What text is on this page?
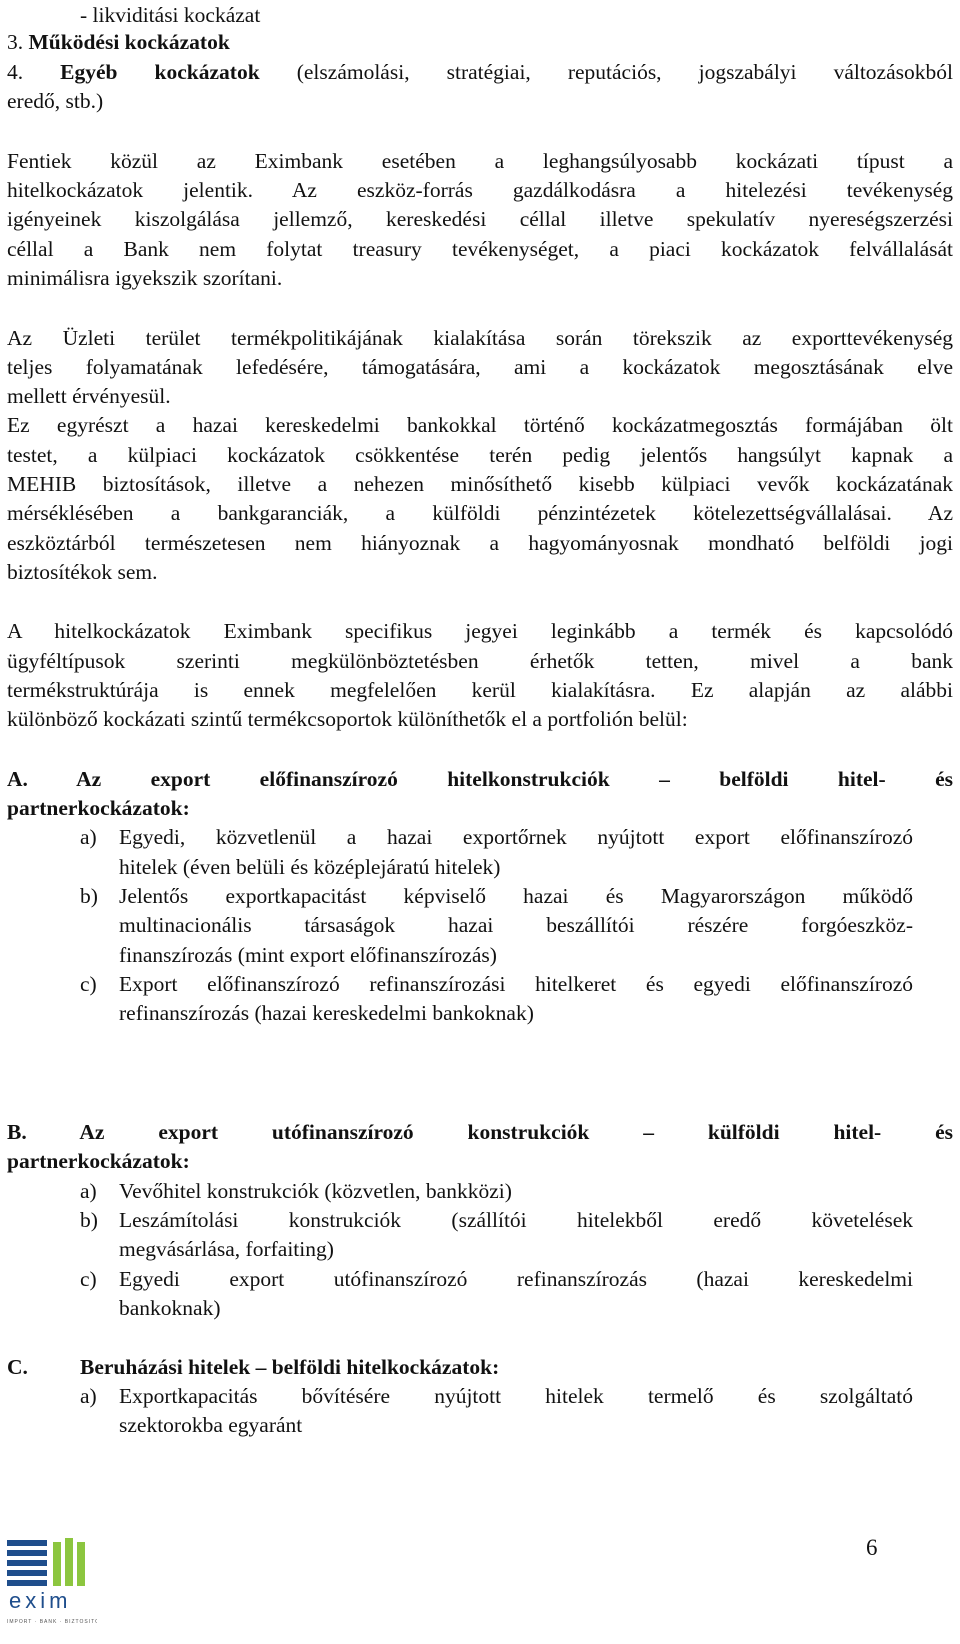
- likviditási kockázat
3. Működési kockázatok
4. Egyéb kockázatok (elszámolási, stratégiai, reputációs, jogszabályi változásokból
eredő, stb.)
Fentiek közül az Eximbank esetében a leghangsúlyosabb kockázati típust a
hitelkockázatok jelentik. Az eszköz-forrás gazdálkodásra a hitelezési tevékenység
igényeinek kiszolgálása jellemző, kereskedési céllal illetve spekulatív nyereségszerzési
céllal a Bank nem folytat treasury tevékenységet, a piaci kockázatok felvállalását
minimálisra igyekszik szorítani.
Az Üzleti terület termékpolitikájának kialakítása során törekszik az exporttevékenység
teljes folyamatának lefedésére, támogatására, ami a kockázatok megosztásának elve
mellett érvényesül.
Ez egyrészt a hazai kereskedelmi bankokkal történő kockázatmegosztás formájában ölt
testet, a külpiaci kockázatok csökkentése terén pedig jelentős hangsúlyt kapnak a
MEHIB biztosítások, illetve a nehezen minősíthető kisebb külpiaci vevők kockázatának
mérséklésében a bankgaranciák, a külföldi pénzintézetek kötelezettségvállalásai. Az
eszköztárból természetesen nem hiányoznak a hagyományosnak mondható belföldi jogi
biztosítékok sem.
A hitelkockázatok Eximbank specifikus jegyei leginkább a termék és kapcsolódó
ügyféltípusok szerinti megkülönböztetésben érhetők tetten, mivel a bank
termékstruktúrája is ennek megfelelően kerül kialakításra. Ez alapján az alábbi
különböző kockázati szintű termékcsoportok különíthetők el a portfolión belül:
A. Az export előfinanszírozó hitelkonstrukciók – belföldi hitel- és
partnerkockázatok:
a) Egyedi, közvetlenül a hazai exportőrnek nyújtott export előfinanszírozó
hitelek (éven belüli és középlejáratú hitelek)
b) Jelentős exportkapacitást képviselő hazai és Magyarországon működő
multinacionális társaságok hazai beszállítói részére forgóeszköz-
finanszírozás (mint export előfinanszírozás)
c) Export előfinanszírozó refinanszírozási hitelkeret és egyedi előfinanszírozó
refinanszírozás (hazai kereskedelmi bankoknak)
B. Az export utófinanszírozó konstrukciók – külföldi hitel- és
partnerkockázatok:
a) Vevőhitel konstrukciók (közvetlen, bankközi)
b) Leszámítolási konstrukciók (szállítói hitelekből eredő követelések
megvásárlása, forfaiting)
c) Egyedi export utófinanszírozó refinanszírozás (hazai kereskedelmi
bankoknak)
C. Beruházási hitelek – belföldi hitelkockázatok:
a) Exportkapacitás bővítésére nyújtott hitelek termelő és szolgáltató
szektorokba egyaránt
6
exim
IMPORT · BANK · BIZTOSITO
